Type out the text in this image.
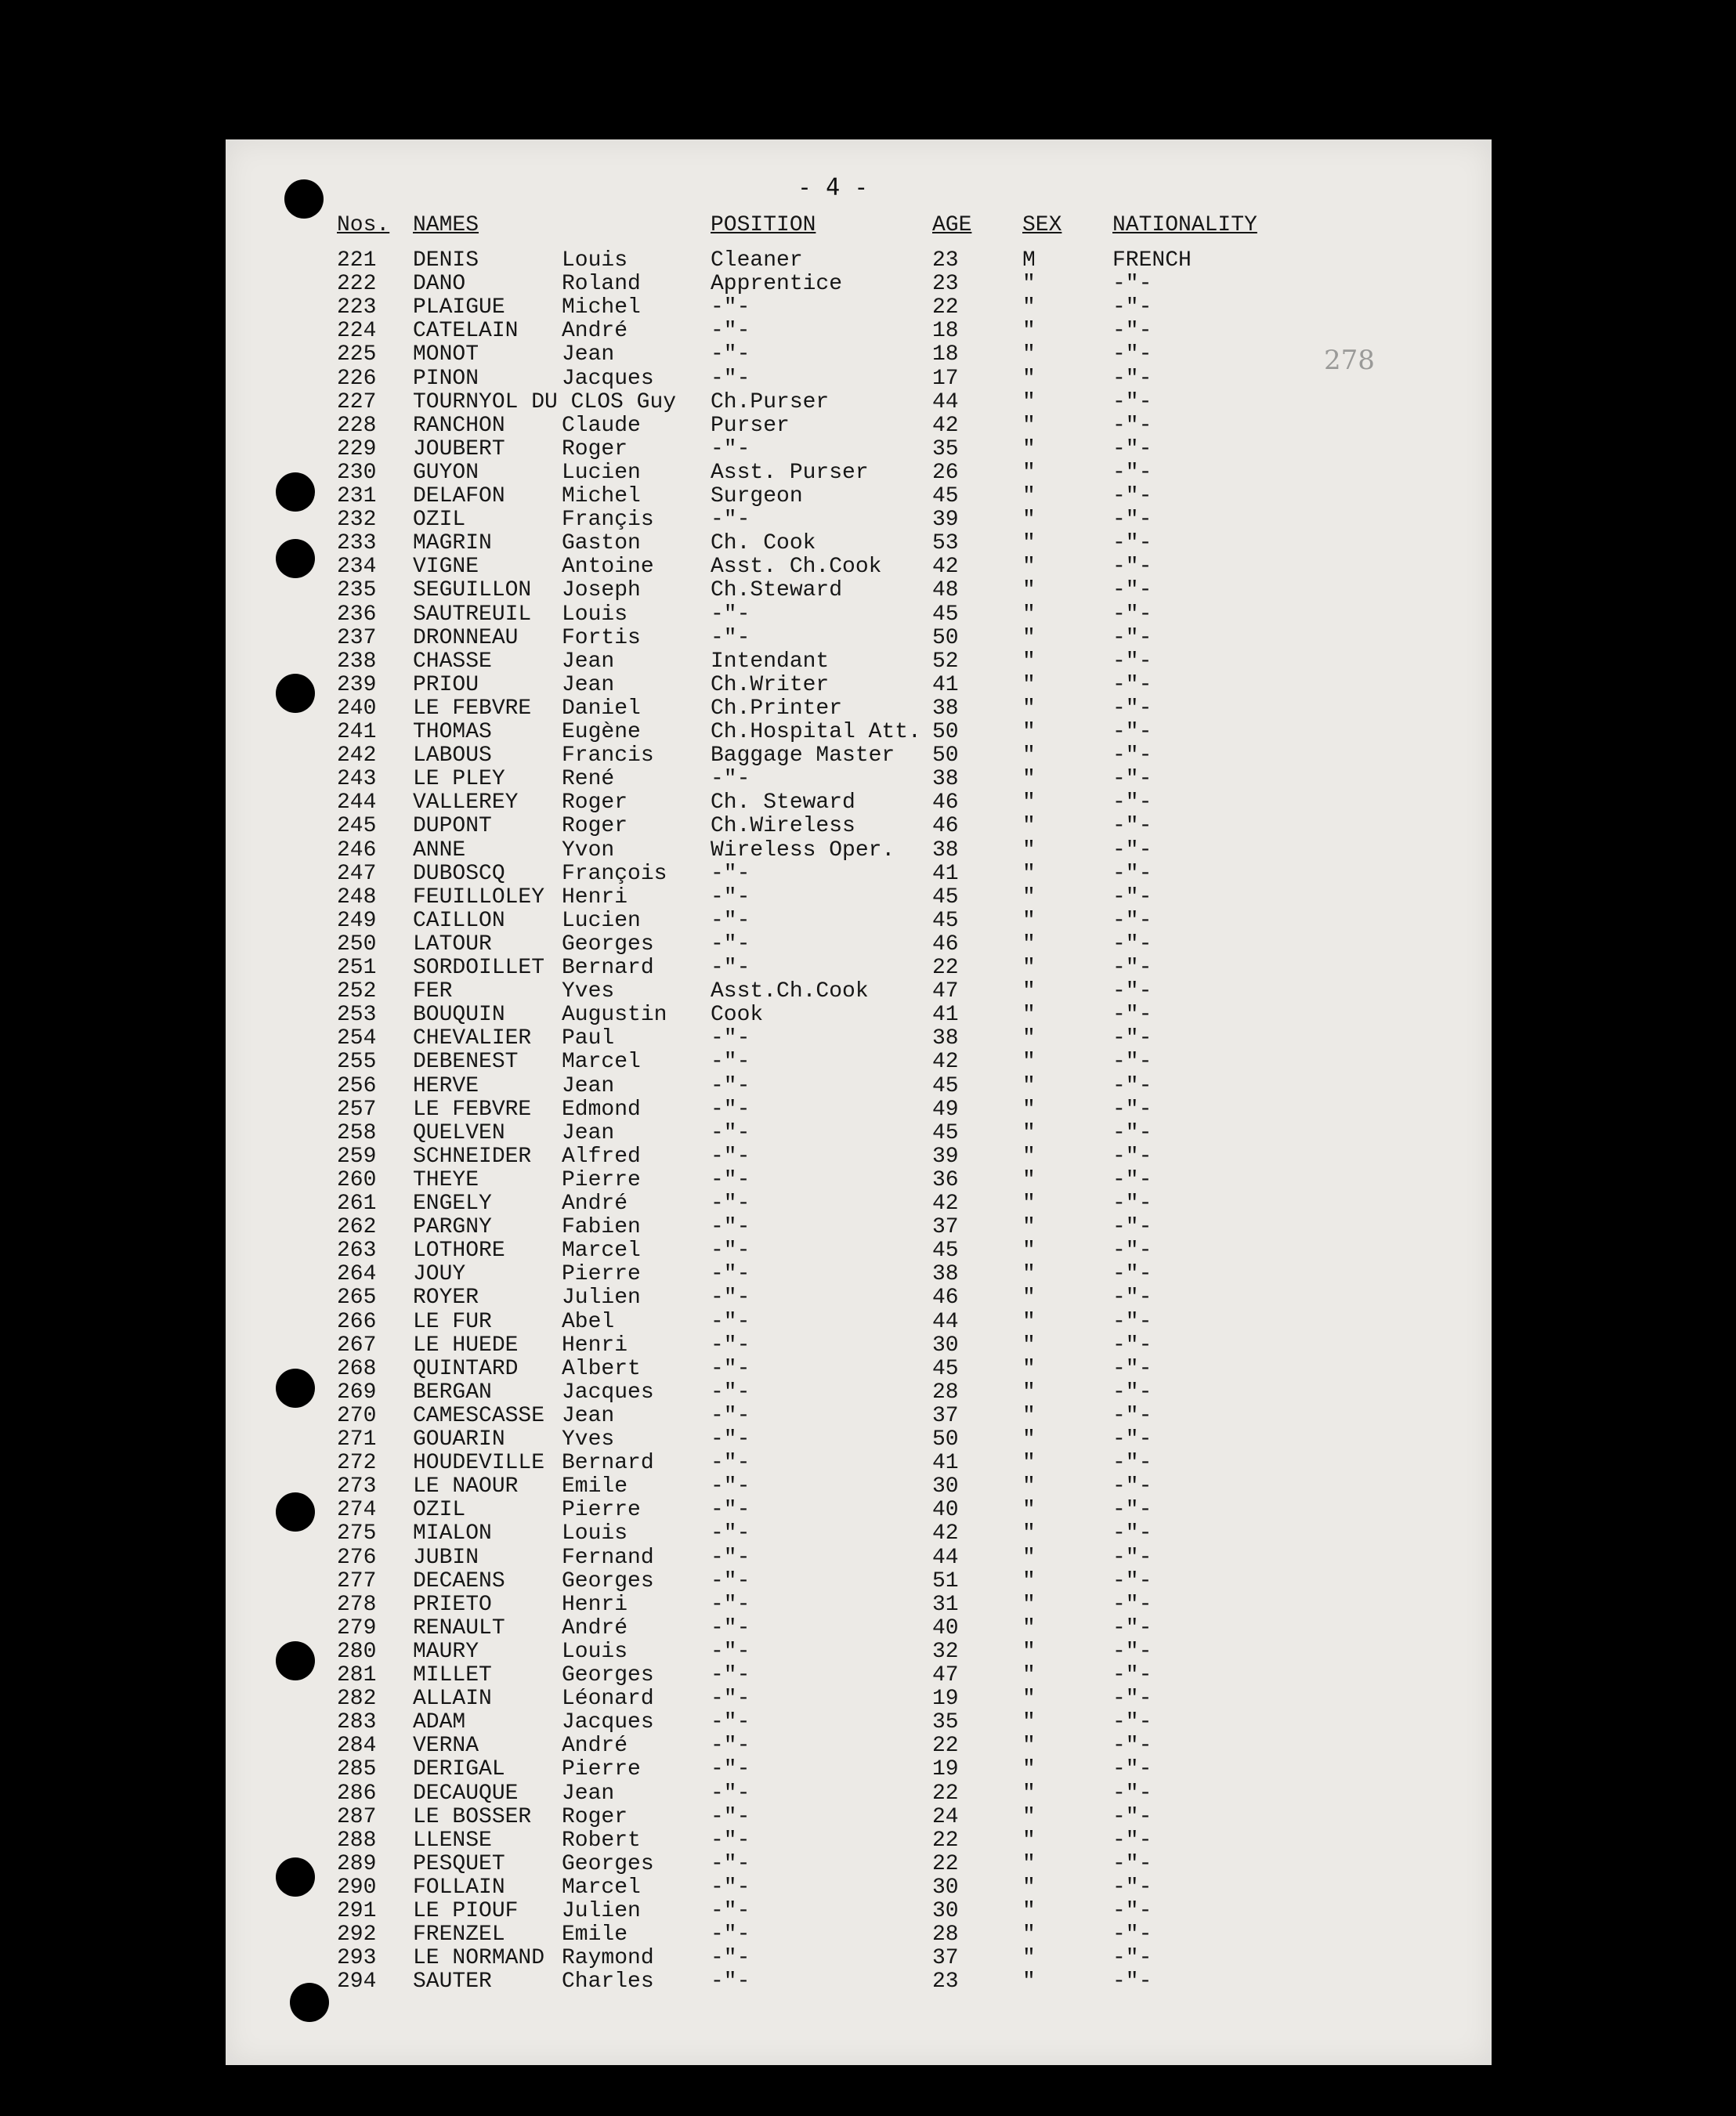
- 4 -
278
Nos. NAMES	POSITION	AGE SEX NATIONALITY
221 DENIS	Louis	Cleaner	23	M	FRENCH
222 DANO	Roland	Apprentice	23	"	-"-
223 PLAIGUE	Michel	-"-	22	"	-"-
224 CATELAIN André	-"-	18	"	-"-
225 MONOT	Jean	-"-	18	"	-"-
226 PINON	Jacques	-"-	17	"	-"-
227 TOURNYOL DU CLOS Guy Ch.Purser	44	"	-"-
228 RANCHON	Claude	Purser	42	"	-"-
229 JOUBERT	Roger	-"-	35	"	-"-
230 GUYON	Lucien	Asst. Purser	26	"	-"-
231 DELAFON	Michel	Surgeon	45	"	-"-
232 OZIL	Françis	-"-	39	"	-"-
233 MAGRIN	Gaston	Ch. Cook	53	"	-"-
234 VIGNE	Antoine	Asst. Ch.Cook 42	"	-"-
235 SEGUILLON Joseph	Ch.Steward	48	"	-"-
236 SAUTREUIL Louis	-"-	45	"	-"-
237 DRONNEAU Fortis	-"-	50	"	-"-
238 CHASSE	Jean	Intendant	52	"	-"-
239 PRIOU	Jean	Ch.Writer	41	"	-"-
240 LE FEBVRE Daniel	Ch.Printer	38	"	-"-
241 THOMAS	Eugène	Ch.Hospital Att. 50	"	-"-
242 LABOUS	Francis	Baggage Master 50	"	-"-
243 LE PLEY	René	-"-	38	"	-"-
244 VALLEREY Roger	Ch. Steward	46	"	-"-
245 DUPONT	Roger	Ch.Wireless	46	"	-"-
246 ANNE	Yvon	Wireless Oper. 38	"	-"-
247 DUBOSCQ	François -"-	41	"	-"-
248 FEUILLOLEY Henri	-"-	45	"	-"-
249 CAILLON	Lucien	-"-	45	"	-"-
250 LATOUR	Georges	-"-	46	"	-"-
251 SORDOILLET Bernard	-"-	22	"	-"-
252 FER	Yves	Asst.Ch.Cook	47	"	-"-
253 BOUQUIN	Augustin Cook	41	"	-"-
254 CHEVALIER Paul	-"-	38	"	-"-
255 DEBENEST Marcel	-"-	42	"	-"-
256 HERVE	Jean	-"-	45	"	-"-
257 LE FEBVRE Edmond	-"-	49	"	-"-
258 QUELVEN	Jean	-"-	45	"	-"-
259 SCHNEIDER Alfred	-"-	39	"	-"-
260 THEYE	Pierre	-"-	36	"	-"-
261 ENGELY	André	-"-	42	"	-"-
262 PARGNY	Fabien	-"-	37	"	-"-
263 LOTHORE	Marcel	-"-	45	"	-"-
264 JOUY	Pierre	-"-	38	"	-"-
265 ROYER	Julien	-"-	46	"	-"-
266 LE FUR	Abel	-"-	44	"	-"-
267 LE HUEDE Henri	-"-	30	"	-"-
268 QUINTARD Albert	-"-	45	"	-"-
269 BERGAN	Jacques	-"-	28	"	-"-
270 CAMESCASSE Jean	-"-	37	"	-"-
271 GOUARIN	Yves	-"-	50	"	-"-
272 HOUDEVILLE Bernard	-"-	41	"	-"-
273 LE NAOUR Emile	-"-	30	"	-"-
274 OZIL	Pierre	-"-	40	"	-"-
275 MIALON	Louis	-"-	42	"	-"-
276 JUBIN	Fernand	-"-	44	"	-"-
277 DECAENS	Georges	-"-	51	"	-"-
278 PRIETO	Henri	-"-	31	"	-"-
279 RENAULT	André	-"-	40	"	-"-
280 MAURY	Louis	-"-	32	"	-"-
281 MILLET	Georges	-"-	47	"	-"-
282 ALLAIN	Léonard	-"-	19	"	-"-
283 ADAM	Jacques	-"-	35	"	-"-
284 VERNA	André	-"-	22	"	-"-
285 DERIGAL	Pierre	-"-	19	"	-"-
286 DECAUQUE Jean	-"-	22	"	-"-
287 LE BOSSER Roger	-"-	24	"	-"-
288 LLENSE	Robert	-"-	22	"	-"-
289 PESQUET	Georges	-"-	22	"	-"-
290 FOLLAIN	Marcel	-"-	30	"	-"-
291 LE PIOUF Julien	-"-	30	"	-"-
292 FRENZEL	Emile	-"-	28	"	-"-
293 LE NORMAND Raymond	-"-	37	"	-"-
294 SAUTER	Charles	-"-	23	"	-"-
